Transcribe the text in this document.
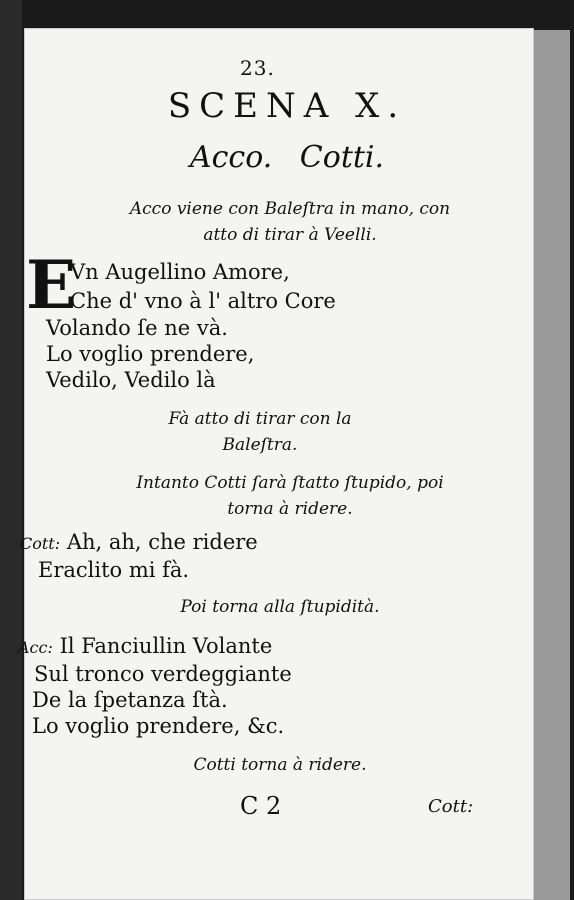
23.
SCENA X.
Acco. Cotti.
Acco viene con Baleſtra in mano, con
atto di tirar à Veelli.
E
Vn Augellino Amore,
Che d' vno à l' altro Core
Volando ſe ne và.
Lo voglio prendere,
Vedilo, Vedilo là
Fà atto di tirar con la
Baleſtra.
Intanto Cotti ſarà ſtatto ſtupido, poi
torna à ridere.
Cott: Ah, ah, che ridere
Eraclito mi fà.
Poi torna alla ſtupidità.
Acc: Il Fanciullin Volante
Sul tronco verdeggiante
De la ſpetanza ſtà.
Lo voglio prendere, &c.
Cotti torna à ridere.
C 2	Cott:
